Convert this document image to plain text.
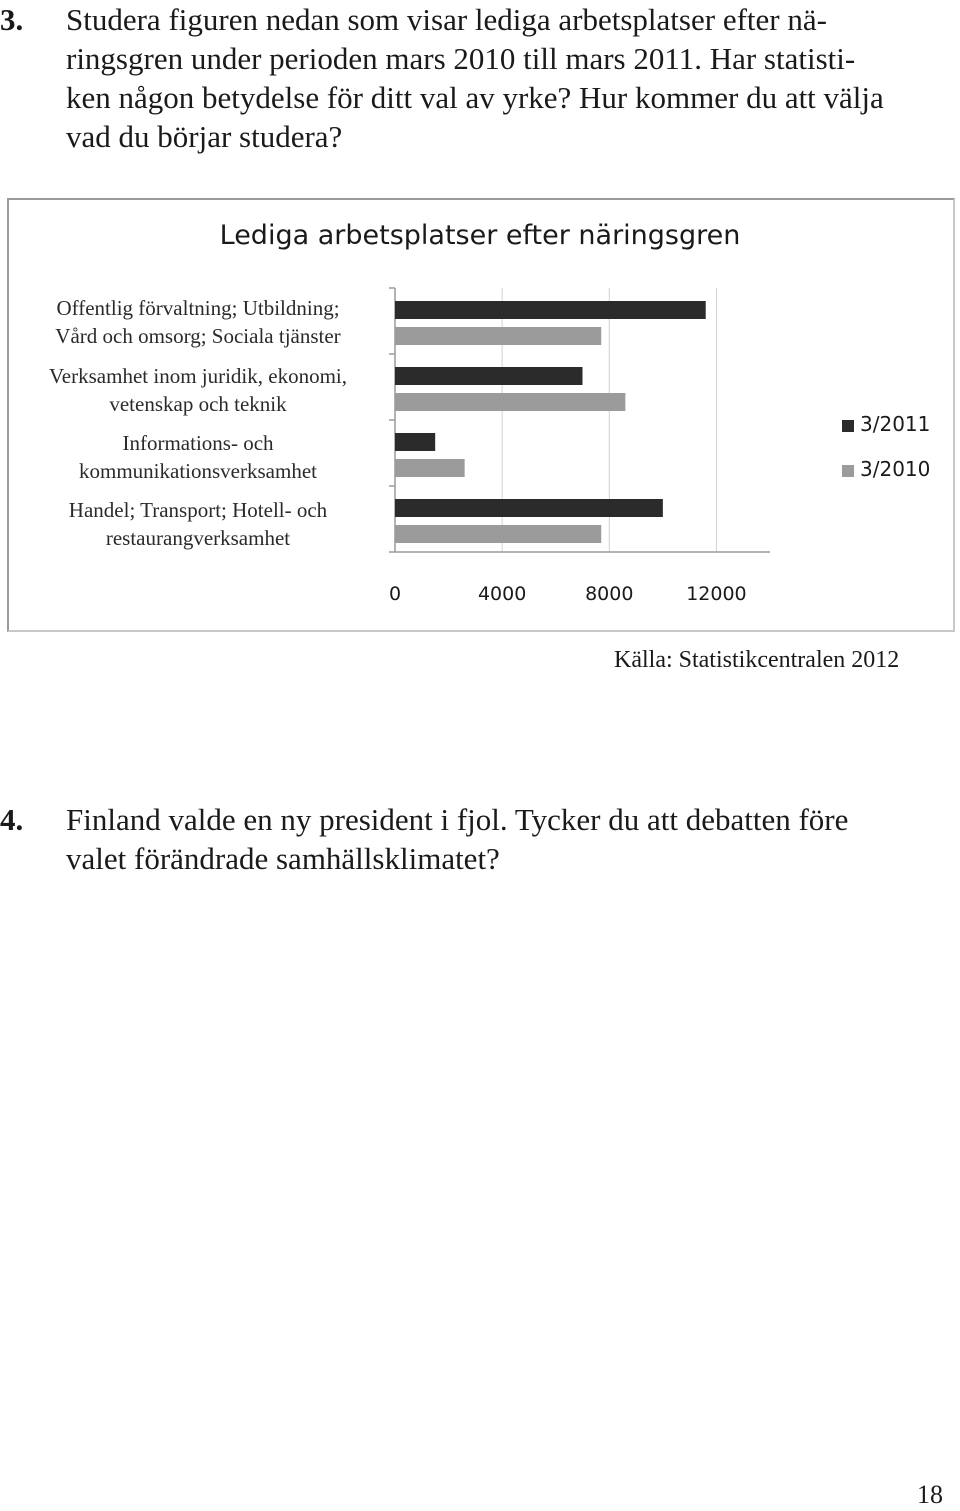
3.	Studera figuren nedan som visar lediga arbetsplatser efter nä-
ringsgren under perioden mars 2010 till mars 2011. Har statisti-
ken någon betydelse för ditt val av yrke? Hur kommer du att välja
vad du börjar studera?
Lediga arbetsplatser efter näringsgren
Offentlig förvaltning; Utbildning;
Vård och omsorg; Sociala tjänster
Verksamhet inom juridik, ekonomi,
vetenskap och teknik
Informations- och
kommunikationsverksamhet
Handel; Transport; Hotell- och
restaurangverksamhet
0	4000	8000	12000
3/2011
3/2010
Källa: Statistikcentralen 2012
4.	Finland valde en ny president i fjol. Tycker du att debatten före
valet förändrade samhällsklimatet?
18
